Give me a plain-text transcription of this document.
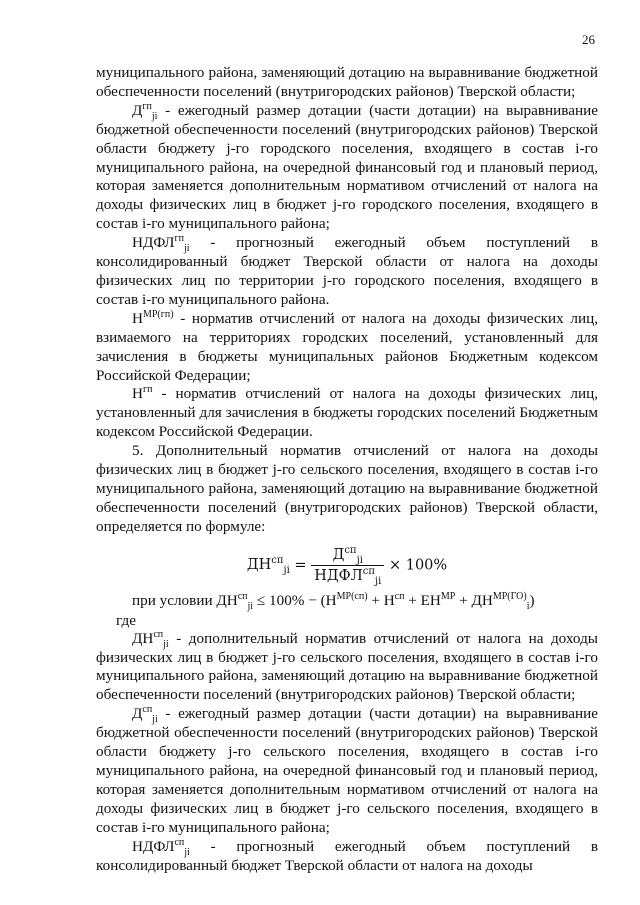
26

муниципального района, заменяющий дотацию на выравнивание бюджетной обеспеченности поселений (внутригородских районов) Тверской области;

$Д^{гп}_{ji}$ - ежегодный размер дотации (части дотации) на выравнивание бюджетной обеспеченности поселений (внутригородских районов) Тверской области бюджету j-го городского поселения, входящего в состав i-го муниципального района, на очередной финансовый год и плановый период, которая заменяется дополнительным нормативом отчислений от налога на доходы физических лиц в бюджет j-го городского поселения, входящего в состав i-го муниципального района;

$НДФЛ^{гп}_{ji}$ - прогнозный ежегодный объем поступлений в консолидированный бюджет Тверской области от налога на доходы физических лиц по территории j-го городского поселения, входящего в состав i-го муниципального района.

$Н^{МР(гп)}$ - норматив отчислений от налога на доходы физических лиц, взимаемого на территориях городских поселений, установленный для зачисления в бюджеты муниципальных районов Бюджетным кодексом Российской Федерации;

$Н^{гп}$ - норматив отчислений от налога на доходы физических лиц, установленный для зачисления в бюджеты городских поселений Бюджетным кодексом Российской Федерации.

5. Дополнительный норматив отчислений от налога на доходы физических лиц в бюджет j-го сельского поселения, входящего в состав i-го муниципального района, заменяющий дотацию на выравнивание бюджетной обеспеченности поселений (внутригородских районов) Тверской области, определяется по формуле:

$ДН^{сп}_{ji} = \frac{Д^{сп}_{ji}}{НДФЛ^{сп}_{ji}} \times 100\%$
при условии $ДН^{сп}_{ji} \le 100\% - (Н^{МР(сп)} + Н^{сп} + ЕН^{МР} + ДН^{МР(ГО)}_i)$
где

$ДН^{сп}_{ji}$ - дополнительный норматив отчислений от налога на доходы физических лиц в бюджет j-го сельского поселения, входящего в состав i-го муниципального района, заменяющий дотацию на выравнивание бюджетной обеспеченности поселений (внутригородских районов) Тверской области;

$Д^{сп}_{ji}$ - ежегодный размер дотации (части дотации) на выравнивание бюджетной обеспеченности поселений (внутригородских районов) Тверской области бюджету j-го сельского поселения, входящего в состав i-го муниципального района, на очередной финансовый год и плановый период, которая заменяется дополнительным нормативом отчислений от налога на доходы физических лиц в бюджет j-го сельского поселения, входящего в состав i-го муниципального района;

$НДФЛ^{сп}_{ji}$ - прогнозный ежегодный объем поступлений в консолидированный бюджет Тверской области от налога на доходы
